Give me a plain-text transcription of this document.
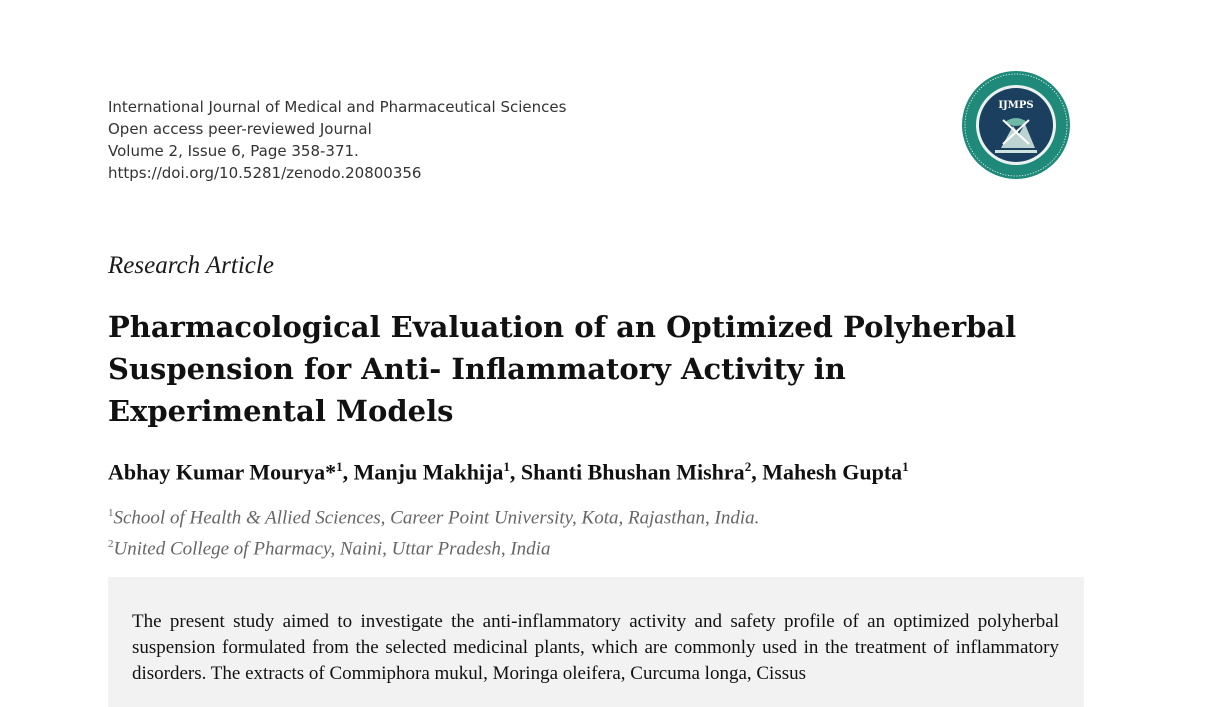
International Journal of Medical and Pharmaceutical Sciences
Open access peer-reviewed Journal
Volume 2, Issue 6, Page 358-371.
https://doi.org/10.5281/zenodo.20800356
IJMPS
Research Article
Pharmacological Evaluation of an Optimized Polyherbal Suspension for Anti- Inflammatory Activity in Experimental Models
Abhay Kumar Mourya*$^1$, Manju Makhija$^1$, Shanti Bhushan Mishra$^2$, Mahesh Gupta$^1$
$^1$School of Health & Allied Sciences, Career Point University, Kota, Rajasthan, India.
$^2$United College of Pharmacy, Naini, Uttar Pradesh, India
The present study aimed to investigate the anti-inflammatory activity and safety profile of an optimized polyherbal suspension formulated from the selected medicinal plants, which are commonly used in the treatment of inflammatory disorders. The extracts of Commiphora mukul, Moringa oleifera, Curcuma longa, Cissus
